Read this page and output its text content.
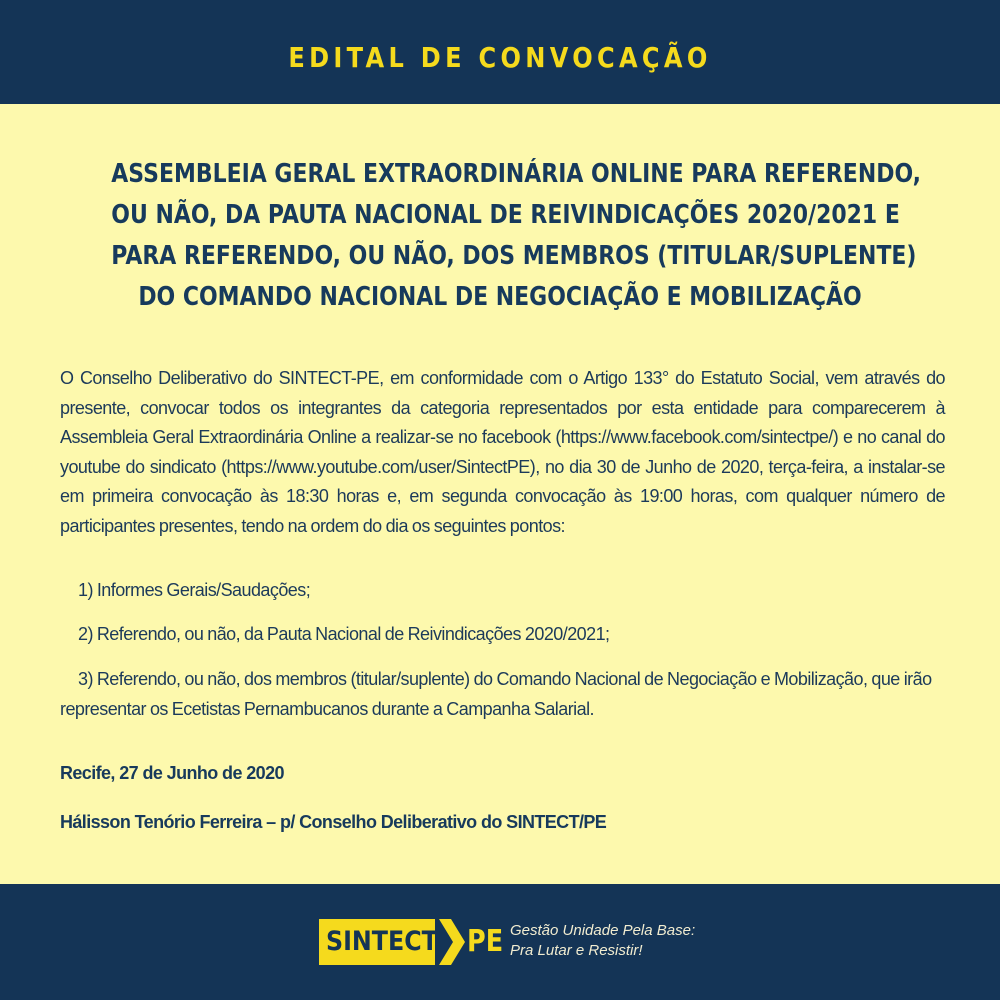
EDITAL DE CONVOCAÇÃO
ASSEMBLEIA GERAL EXTRAORDINÁRIA ONLINE PARA REFERENDO,
OU NÃO, DA PAUTA NACIONAL DE REIVINDICAÇÕES 2020/2021 E
PARA REFERENDO, OU NÃO, DOS MEMBROS (TITULAR/SUPLENTE)
DO COMANDO NACIONAL DE NEGOCIAÇÃO E MOBILIZAÇÃO
O Conselho Deliberativo do SINTECT-PE, em conformidade com o Artigo 133° do Estatuto Social, vem através do presente, convocar todos os integrantes da categoria representados por esta entidade para comparecerem à Assembleia Geral Extraordinária Online a realizar-se no facebook (https://www.facebook.com/sintectpe/) e no canal do youtube do sindicato (https://www.youtube.com/user/SintectPE), no dia 30 de Junho de 2020, terça-feira, a instalar-se em primeira convocação às 18:30 horas e, em segunda convocação às 19:00 horas, com qualquer número de participantes presentes, tendo na ordem do dia os seguintes pontos:
1) Informes Gerais/Saudações;
2) Referendo, ou não, da Pauta Nacional de Reivindicações 2020/2021;
3) Referendo, ou não, dos membros (titular/suplente) do Comando Nacional de Negociação e Mobilização, que irão representar os Ecetistas Pernambucanos durante a Campanha Salarial.
Recife, 27 de Junho de 2020
Hálisson Tenório Ferreira – p/ Conselho Deliberativo do SINTECT/PE
SINTECT PE Gestão Unidade Pela Base:
Pra Lutar e Resistir!
